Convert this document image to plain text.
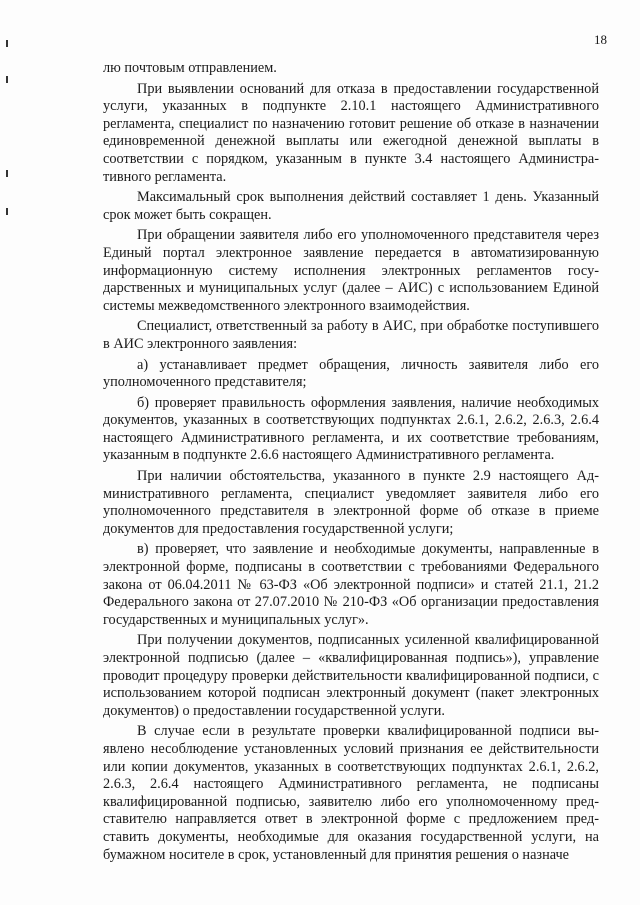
18

лю почтовым отправлением.

При выявлении оснований для отказа в предоставлении государственной услуги, указанных в подпункте 2.10.1 настоящего Административного регламента, специалист по назначению готовит решение об отказе в назначении единовременной денежной выплаты или ежегодной денежной выплаты в соответствии с порядком, указанным в пункте 3.4 настоящего Административного регламента.

Максимальный срок выполнения действий составляет 1 день. Указанный срок может быть сокращен.

При обращении заявителя либо его уполномоченного представителя через Единый портал электронное заявление передается в автоматизированную информационную систему исполнения электронных регламентов государственных и муниципальных услуг (далее – АИС) с использованием Единой системы межведомственного электронного взаимодействия.

Специалист, ответственный за работу в АИС, при обработке поступившего в АИС электронного заявления:

а) устанавливает предмет обращения, личность заявителя либо его уполномоченного представителя;

б) проверяет правильность оформления заявления, наличие необходимых документов, указанных в соответствующих подпунктах 2.6.1, 2.6.2, 2.6.3, 2.6.4 настоящего Административного регламента, и их соответствие требованиям, указанным в подпункте 2.6.6 настоящего Административного регламента.

При наличии обстоятельства, указанного в пункте 2.9 настоящего Административного регламента, специалист уведомляет заявителя либо его уполномоченного представителя в электронной форме об отказе в приеме документов для предоставления государственной услуги;

в) проверяет, что заявление и необходимые документы, направленные в электронной форме, подписаны в соответствии с требованиями Федерального закона от 06.04.2011 № 63-ФЗ «Об электронной подписи» и статей 21.1, 21.2 Федерального закона от 27.07.2010 № 210-ФЗ «Об организации предоставления государственных и муниципальных услуг».

При получении документов, подписанных усиленной квалифицированной электронной подписью (далее – «квалифицированная подпись»), управление проводит процедуру проверки действительности квалифицированной подписи, с использованием которой подписан электронный документ (пакет электронных документов) о предоставлении государственной услуги.

В случае если в результате проверки квалифицированной подписи выявлено несоблюдение установленных условий признания ее действительности или копии документов, указанных в соответствующих подпунктах 2.6.1, 2.6.2, 2.6.3, 2.6.4 настоящего Административного регламента, не подписаны квалифицированной подписью, заявителю либо его уполномоченному представителю направляется ответ в электронной форме с предложением представить документы, необходимые для оказания государственной услуги, на бумажном носителе в срок, установленный для принятия решения о назначе
